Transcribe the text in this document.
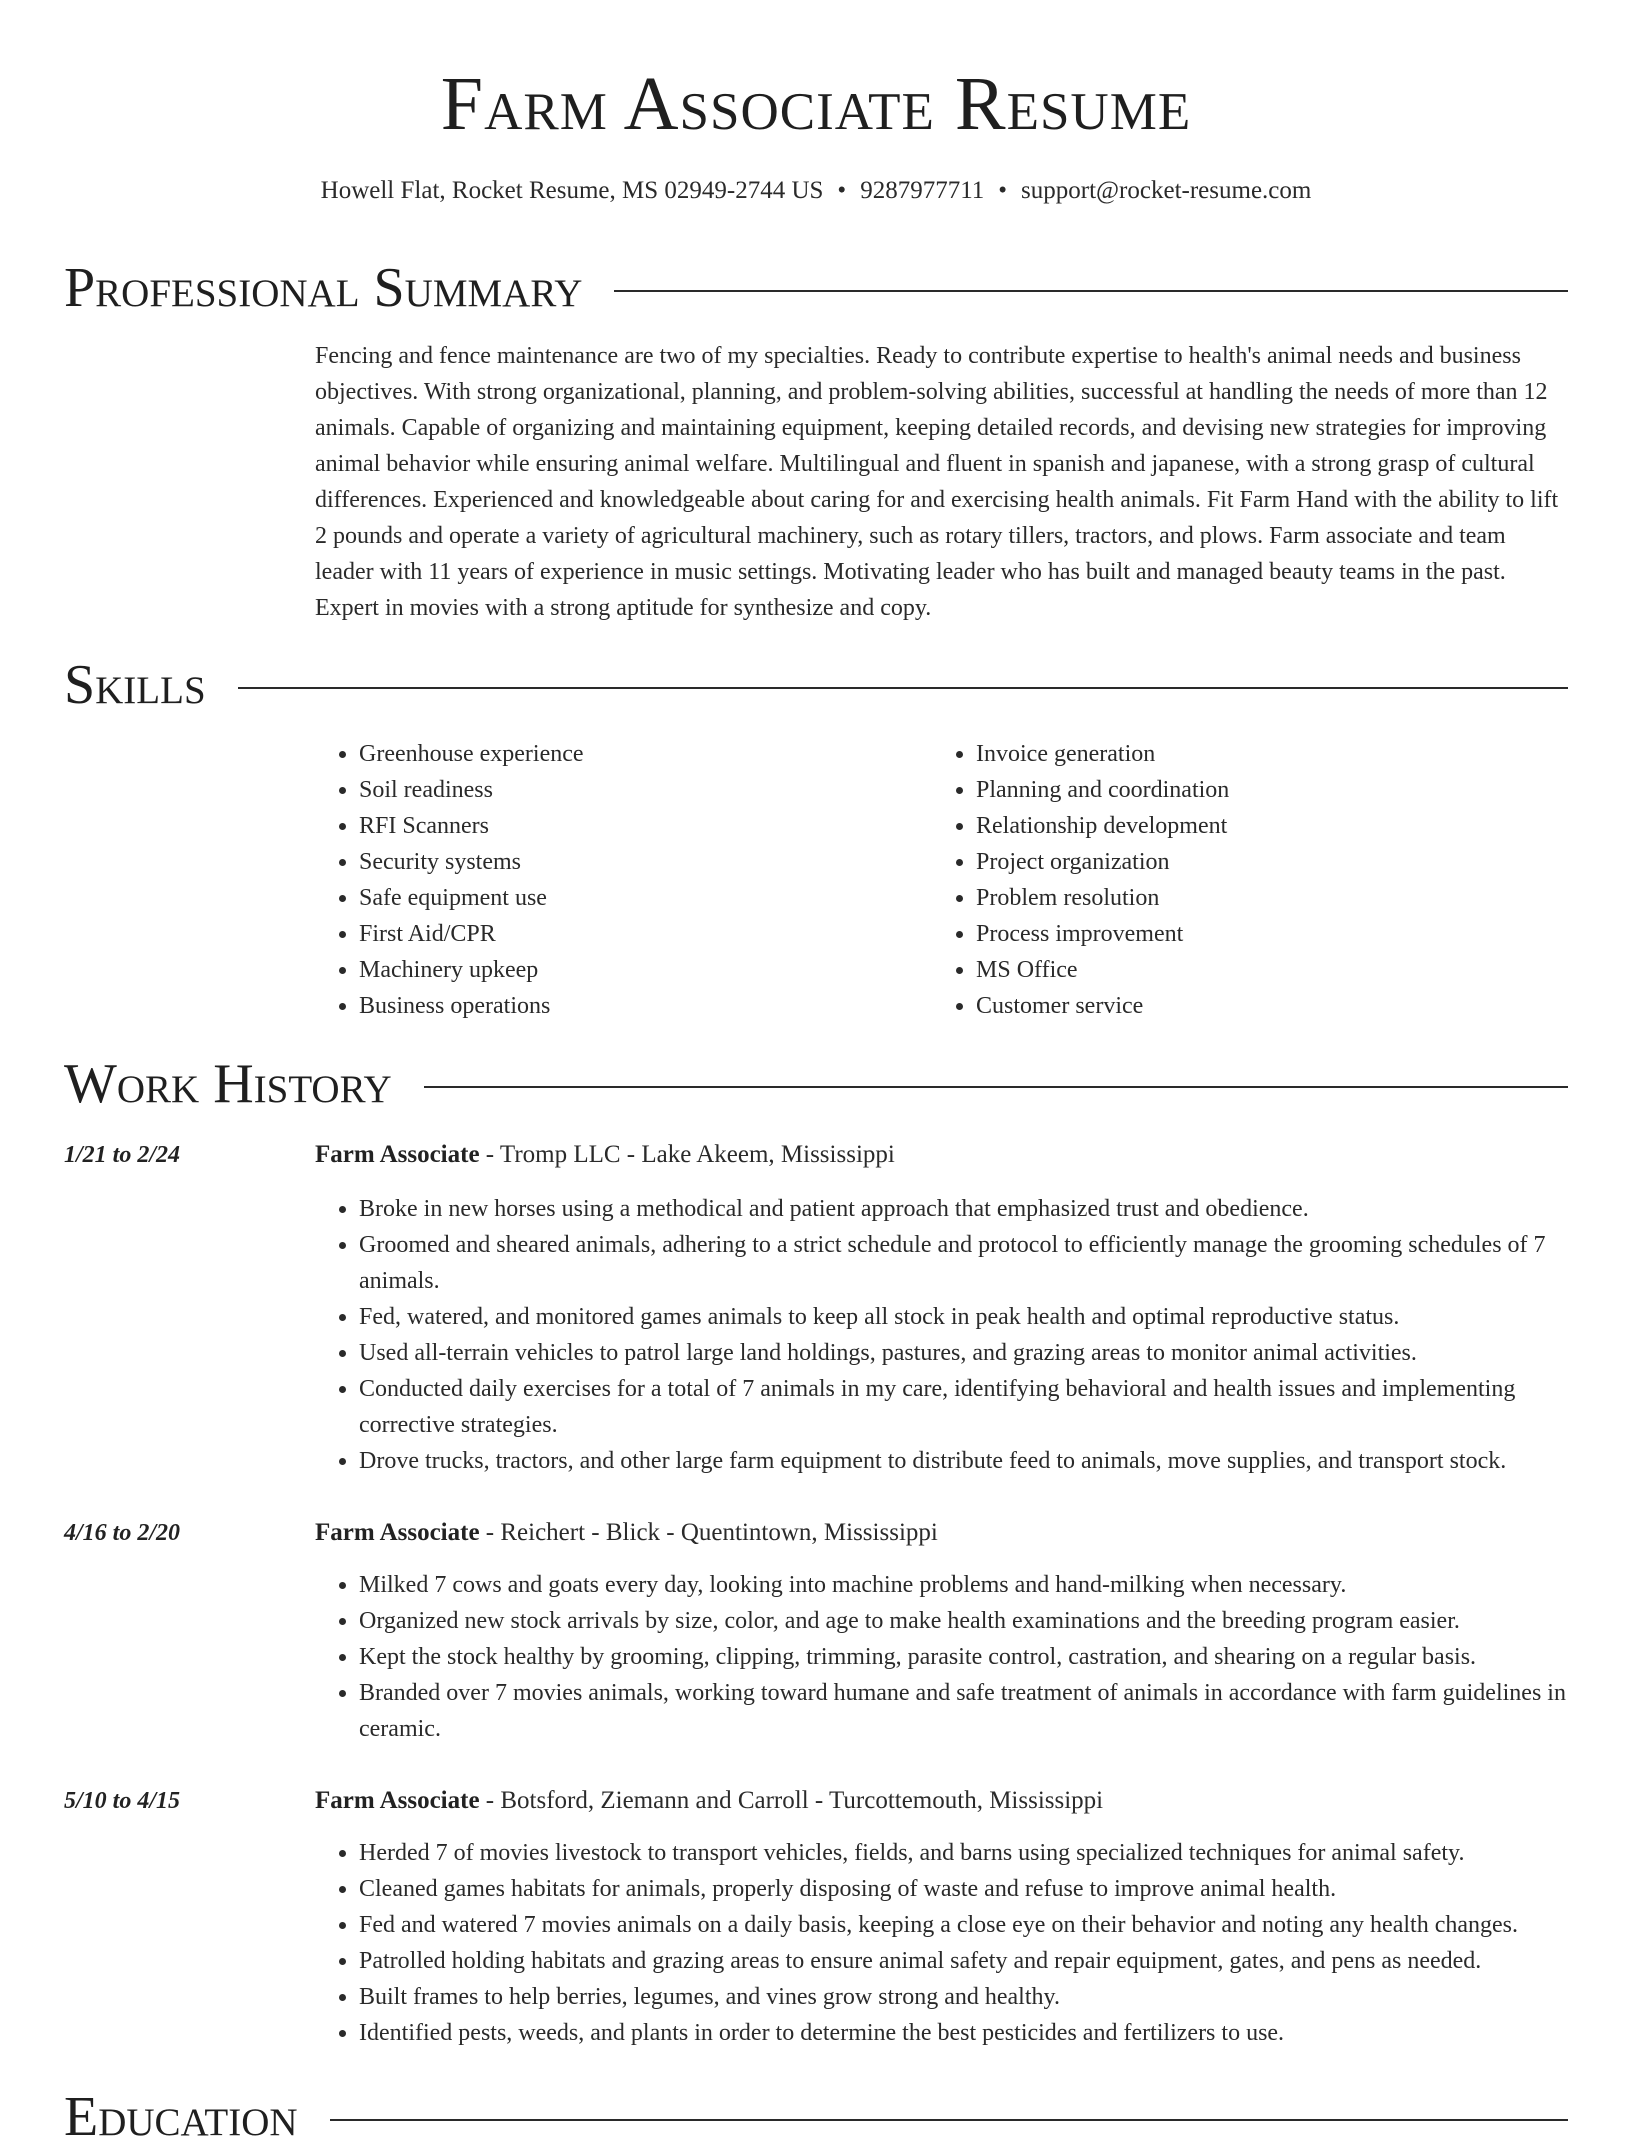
Farm Associate Resume
Howell Flat, Rocket Resume, MS 02949-2744 US • 9287977711 • support@rocket-resume.com
Professional Summary

Fencing and fence maintenance are two of my specialties. Ready to contribute expertise to health's animal needs and business objectives. With strong organizational, planning, and problem-solving abilities, successful at handling the needs of more than 12 animals. Capable of organizing and maintaining equipment, keeping detailed records, and devising new strategies for improving animal behavior while ensuring animal welfare. Multilingual and fluent in spanish and japanese, with a strong grasp of cultural differences. Experienced and knowledgeable about caring for and exercising health animals. Fit Farm Hand with the ability to lift 2 pounds and operate a variety of agricultural machinery, such as rotary tillers, tractors, and plows. Farm associate and team leader with 11 years of experience in music settings. Motivating leader who has built and managed beauty teams in the past. Expert in movies with a strong aptitude for synthesize and copy.

Skills
• Greenhouse experience
• Soil readiness
• RFI Scanners
• Security systems
• Safe equipment use
• First Aid/CPR
• Machinery upkeep
• Business operations
• Invoice generation
• Planning and coordination
• Relationship development
• Project organization
• Problem resolution
• Process improvement
• MS Office
• Customer service
Work History
1/21 to 2/24	Farm Associate - Tromp LLC - Lake Akeem, Mississippi
• Broke in new horses using a methodical and patient approach that emphasized trust and obedience.
• Groomed and sheared animals, adhering to a strict schedule and protocol to efficiently manage the grooming schedules of 7 animals.
• Fed, watered, and monitored games animals to keep all stock in peak health and optimal reproductive status.
• Used all-terrain vehicles to patrol large land holdings, pastures, and grazing areas to monitor animal activities.
• Conducted daily exercises for a total of 7 animals in my care, identifying behavioral and health issues and implementing corrective strategies.
• Drove trucks, tractors, and other large farm equipment to distribute feed to animals, move supplies, and transport stock.
4/16 to 2/20	Farm Associate - Reichert - Blick - Quentintown, Mississippi
• Milked 7 cows and goats every day, looking into machine problems and hand-milking when necessary.
• Organized new stock arrivals by size, color, and age to make health examinations and the breeding program easier.
• Kept the stock healthy by grooming, clipping, trimming, parasite control, castration, and shearing on a regular basis.
• Branded over 7 movies animals, working toward humane and safe treatment of animals in accordance with farm guidelines in ceramic.
5/10 to 4/15	Farm Associate - Botsford, Ziemann and Carroll - Turcottemouth, Mississippi
• Herded 7 of movies livestock to transport vehicles, fields, and barns using specialized techniques for animal safety.
• Cleaned games habitats for animals, properly disposing of waste and refuse to improve animal health.
• Fed and watered 7 movies animals on a daily basis, keeping a close eye on their behavior and noting any health changes.
• Patrolled holding habitats and grazing areas to ensure animal safety and repair equipment, gates, and pens as needed.
• Built frames to help berries, legumes, and vines grow strong and healthy.
• Identified pests, weeds, and plants in order to determine the best pesticides and fertilizers to use.
Education
